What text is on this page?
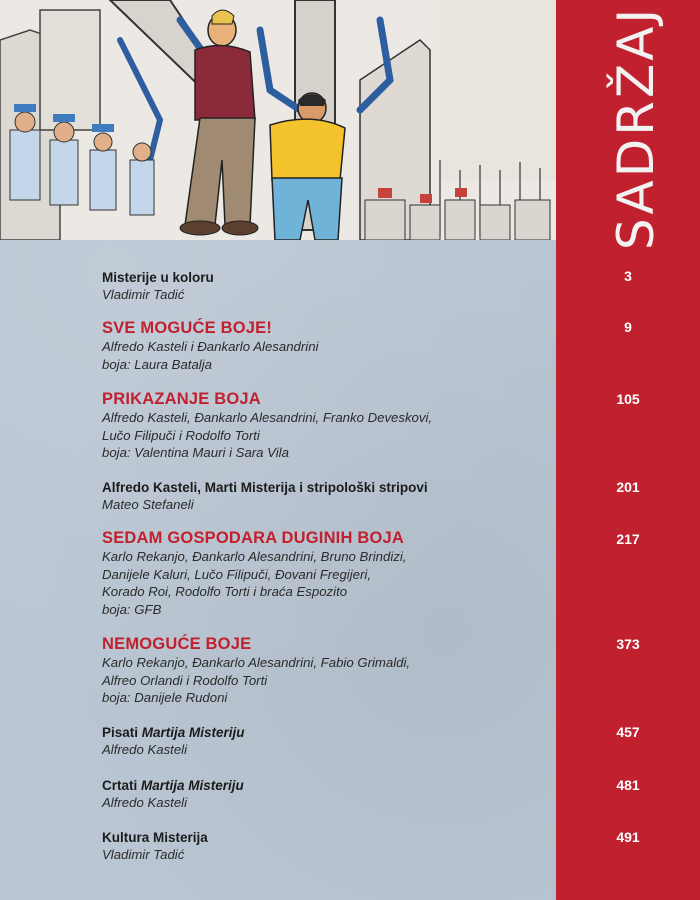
SADRŽAJ
Misterije u koloru
Vladimir Tadić
3
SVE MOGUĆE BOJE!
Alfredo Kasteli i Đankarlo Alesandrini
boja: Laura Batalja
9
PRIKAZANJE BOJA
Alfredo Kasteli, Đankarlo Alesandrini, Franko Deveskovi,
Lučo Filipuči i Rodolfo Torti
boja: Valentina Mauri i Sara Vila
105
Alfredo Kasteli, Marti Misterija i stripološki stripovi
Mateo Stefaneli
201
SEDAM GOSPODARA DUGINIH BOJA
Karlo Rekanjo, Đankarlo Alesandrini, Bruno Brindizi,
Danijele Kaluri, Lučo Filipuči, Đovani Fregijeri,
Korado Roi, Rodolfo Torti i braća Espozito
boja: GFB
217
NEMOGUĆE BOJE
Karlo Rekanjo, Đankarlo Alesandrini, Fabio Grimaldi,
Alfreo Orlandi i Rodolfo Torti
boja: Danijele Rudoni
373
Pisati Martija Misteriju
Alfredo Kasteli
457
Crtati Martija Misteriju
Alfredo Kasteli
481
Kultura Misterija
Vladimir Tadić
491
